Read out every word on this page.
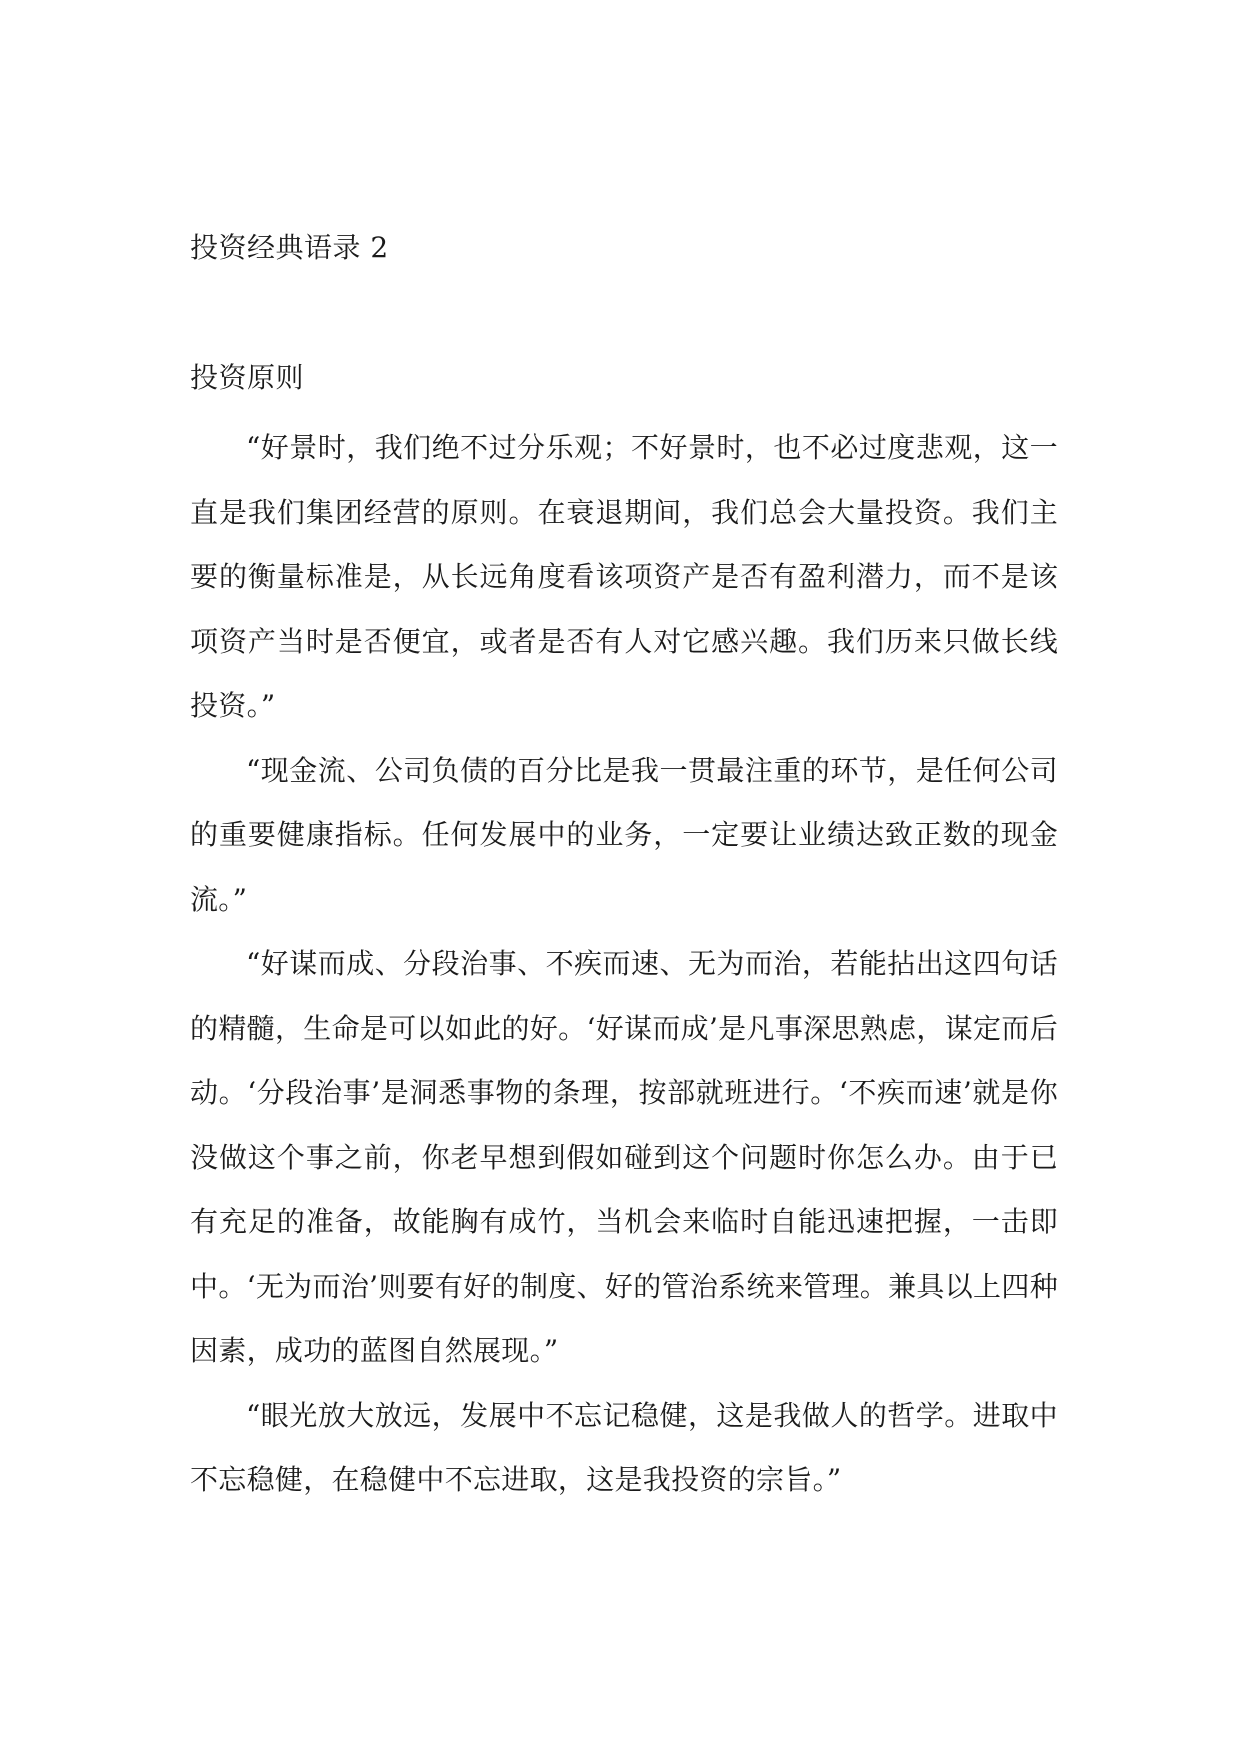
投资经典语录 2
投资原则

“好景时，我们绝不过分乐观；不好景时，也不必过度悲观，这一直是我们集团经营的原则。在衰退期间，我们总会大量投资。我们主要的衡量标准是，从长远角度看该项资产是否有盈利潜力，而不是该项资产当时是否便宜，或者是否有人对它感兴趣。我们历来只做长线投资。”

“现金流、公司负债的百分比是我一贯最注重的环节，是任何公司的重要健康指标。任何发展中的业务，一定要让业绩达致正数的现金流。”

“好谋而成、分段治事、不疾而速、无为而治，若能拈出这四句话的精髓，生命是可以如此的好。‘好谋而成’是凡事深思熟虑，谋定而后动。‘分段治事’是洞悉事物的条理，按部就班进行。‘不疾而速’就是你没做这个事之前，你老早想到假如碰到这个问题时你怎么办。由于已有充足的准备，故能胸有成竹，当机会来临时自能迅速把握，一击即中。‘无为而治’则要有好的制度、好的管治系统来管理。兼具以上四种因素，成功的蓝图自然展现。”

“眼光放大放远，发展中不忘记稳健，这是我做人的哲学。进取中不忘稳健，在稳健中不忘进取，这是我投资的宗旨。”
